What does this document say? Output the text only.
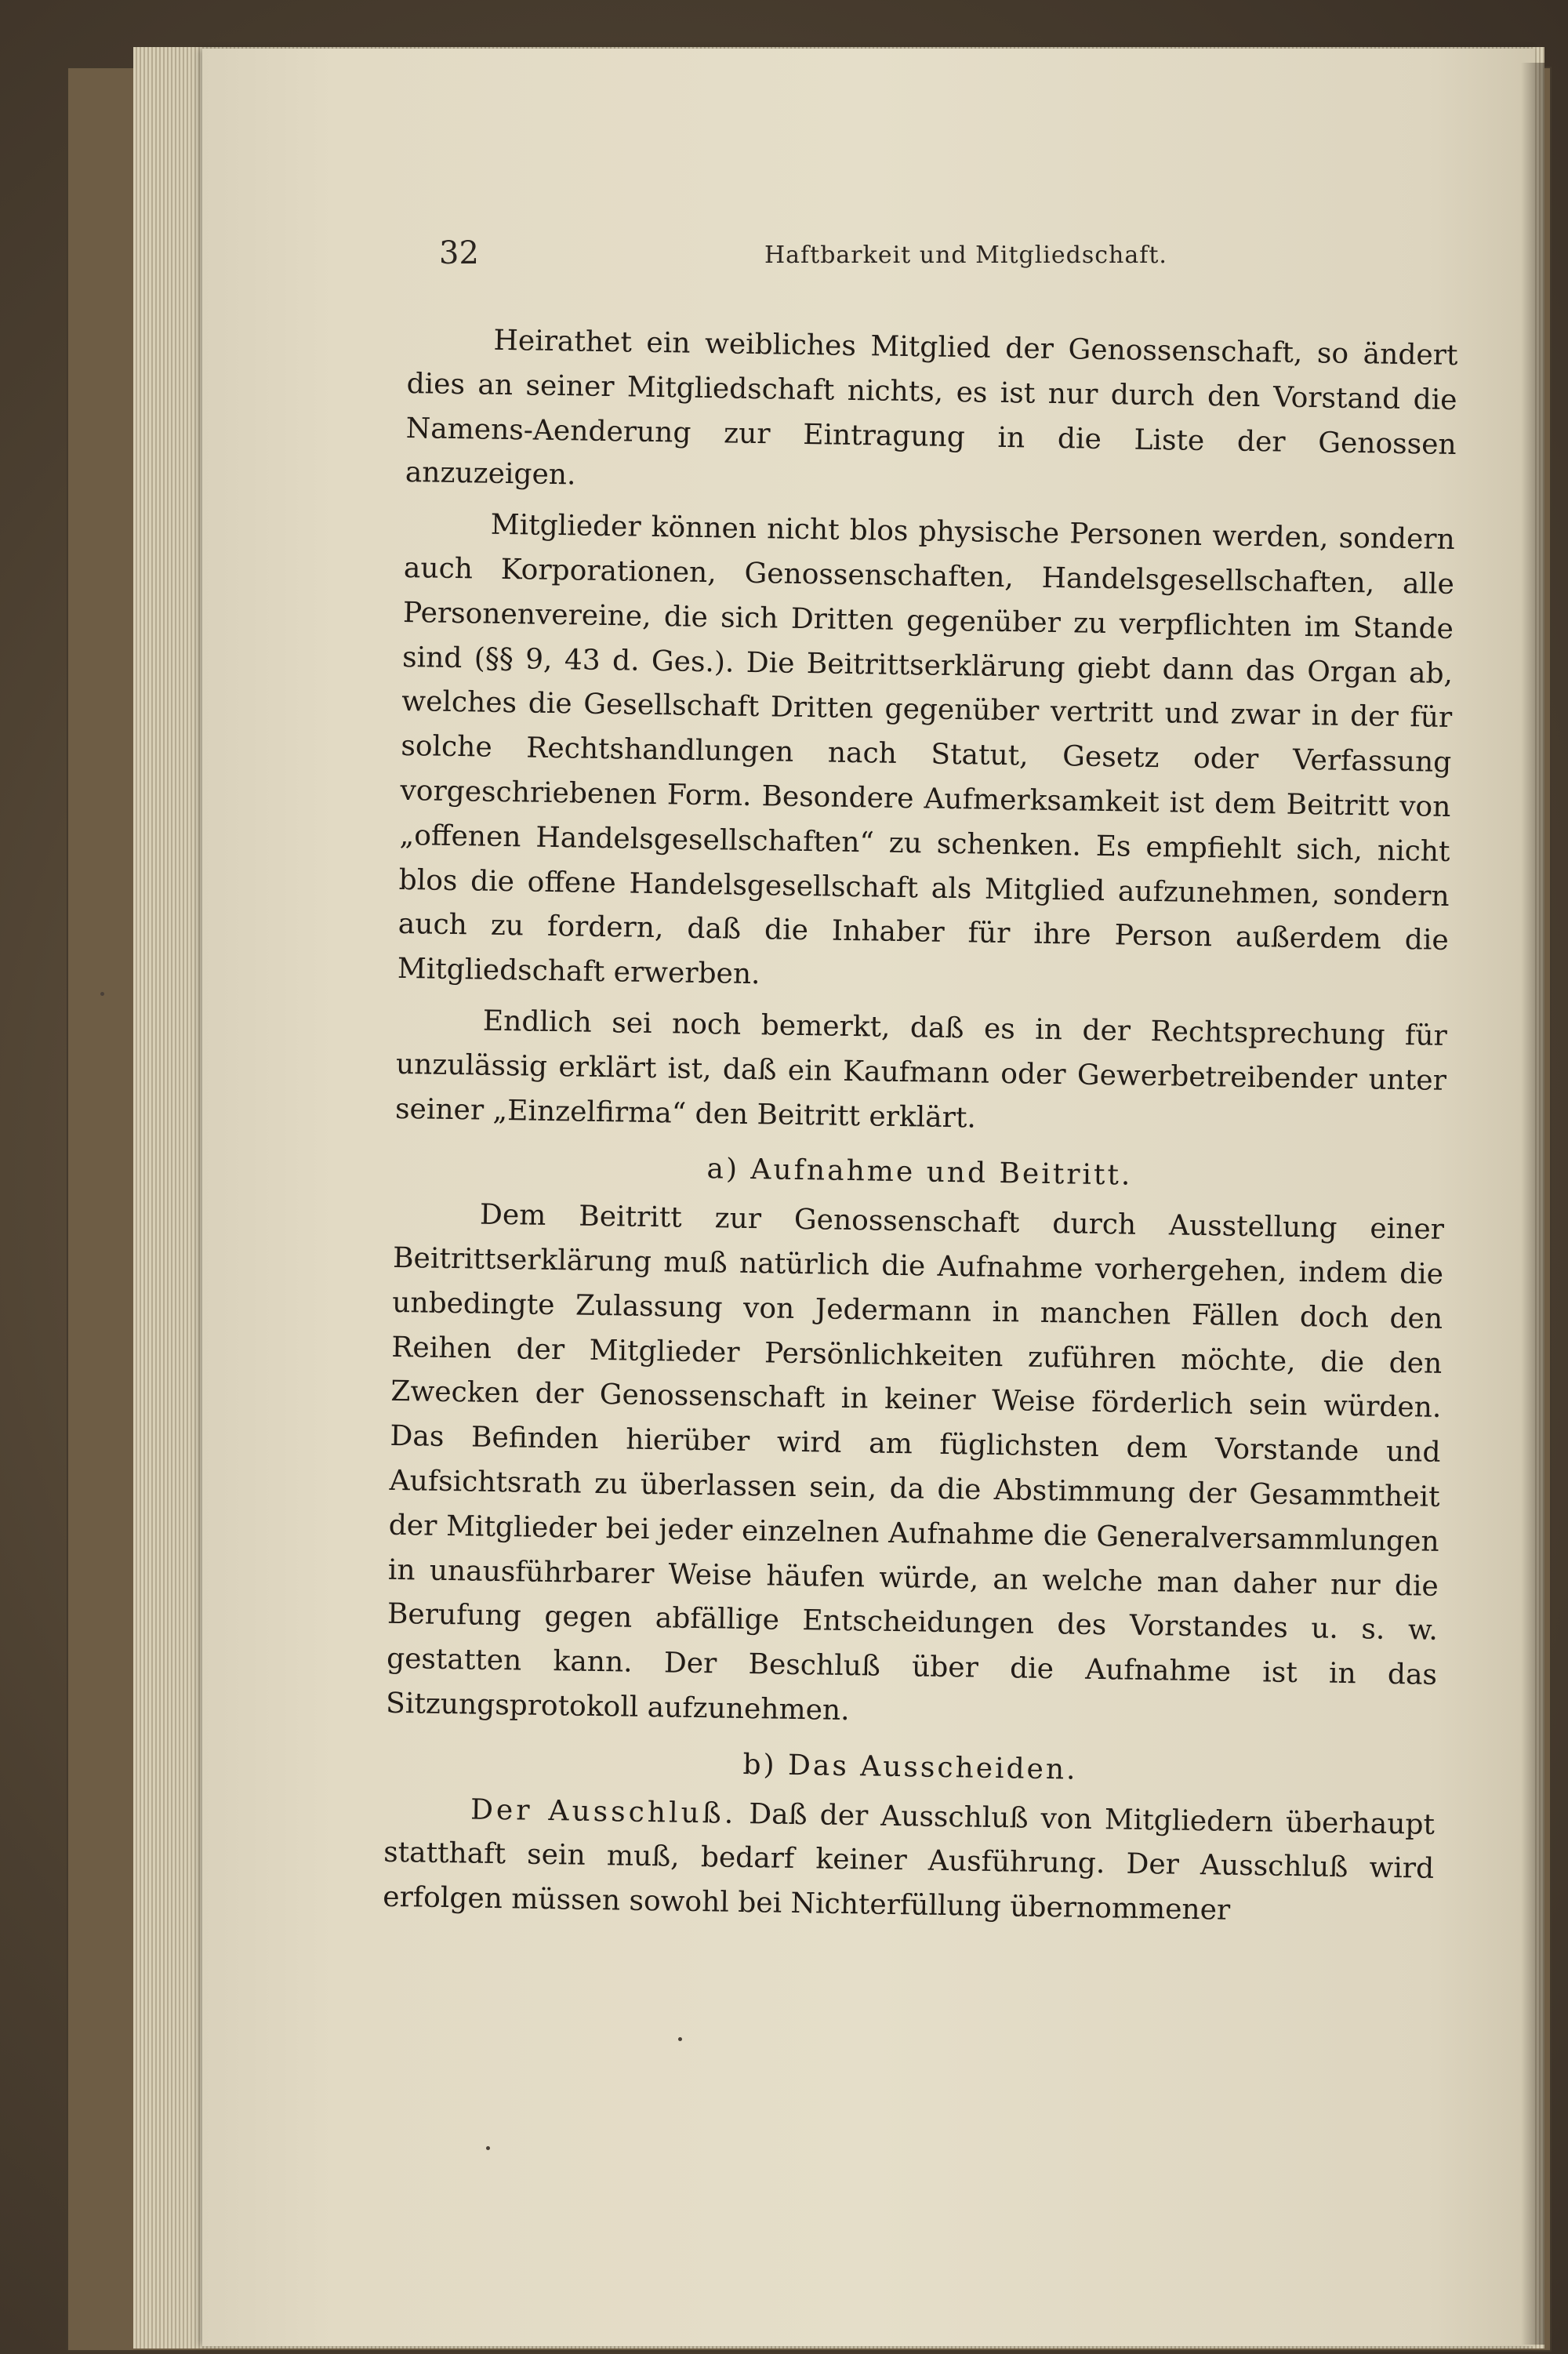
32	Haftbarkeit und Mitgliedschaft.

Heirathet ein weibliches Mitglied der Genossenschaft, so ändert dies an seiner Mitgliedschaft nichts, es ist nur durch den Vorstand die Namens-Aenderung zur Eintragung in die Liste der Genossen anzuzeigen.

Mitglieder können nicht blos physische Personen werden, sondern auch Korporationen, Genossenschaften, Handelsgesellschaften, alle Personenvereine, die sich Dritten gegenüber zu verpflichten im Stande sind (§§ 9, 43 d. Ges.). Die Beitrittserklärung giebt dann das Organ ab, welches die Gesellschaft Dritten gegenüber vertritt und zwar in der für solche Rechtshandlungen nach Statut, Gesetz oder Verfassung vorgeschriebenen Form. Besondere Aufmerksamkeit ist dem Beitritt von „offenen Handelsgesellschaften“ zu schenken. Es empfiehlt sich, nicht blos die offene Handelsgesellschaft als Mitglied aufzunehmen, sondern auch zu fordern, daß die Inhaber für ihre Person außerdem die Mitgliedschaft erwerben.

Endlich sei noch bemerkt, daß es in der Rechtsprechung für unzulässig erklärt ist, daß ein Kaufmann oder Gewerbetreibender unter seiner „Einzelfirma“ den Beitritt erklärt.

a) Aufnahme und Beitritt.

Dem Beitritt zur Genossenschaft durch Ausstellung einer Beitrittserklärung muß natürlich die Aufnahme vorhergehen, indem die unbedingte Zulassung von Jedermann in manchen Fällen doch den Reihen der Mitglieder Persönlichkeiten zuführen möchte, die den Zwecken der Genossenschaft in keiner Weise förderlich sein würden. Das Befinden hierüber wird am füglichsten dem Vorstande und Aufsichtsrath zu überlassen sein, da die Abstimmung der Gesammtheit der Mitglieder bei jeder einzelnen Aufnahme die Generalversammlungen in unausführbarer Weise häufen würde, an welche man daher nur die Berufung gegen abfällige Entscheidungen des Vorstandes u. s. w. gestatten kann. Der Beschluß über die Aufnahme ist in das Sitzungsprotokoll aufzunehmen.

b) Das Ausscheiden.

Der Ausschluß. Daß der Ausschluß von Mitgliedern überhaupt statthaft sein muß, bedarf keiner Ausführung. Der Ausschluß wird erfolgen müssen sowohl bei Nichterfüllung übernommener
